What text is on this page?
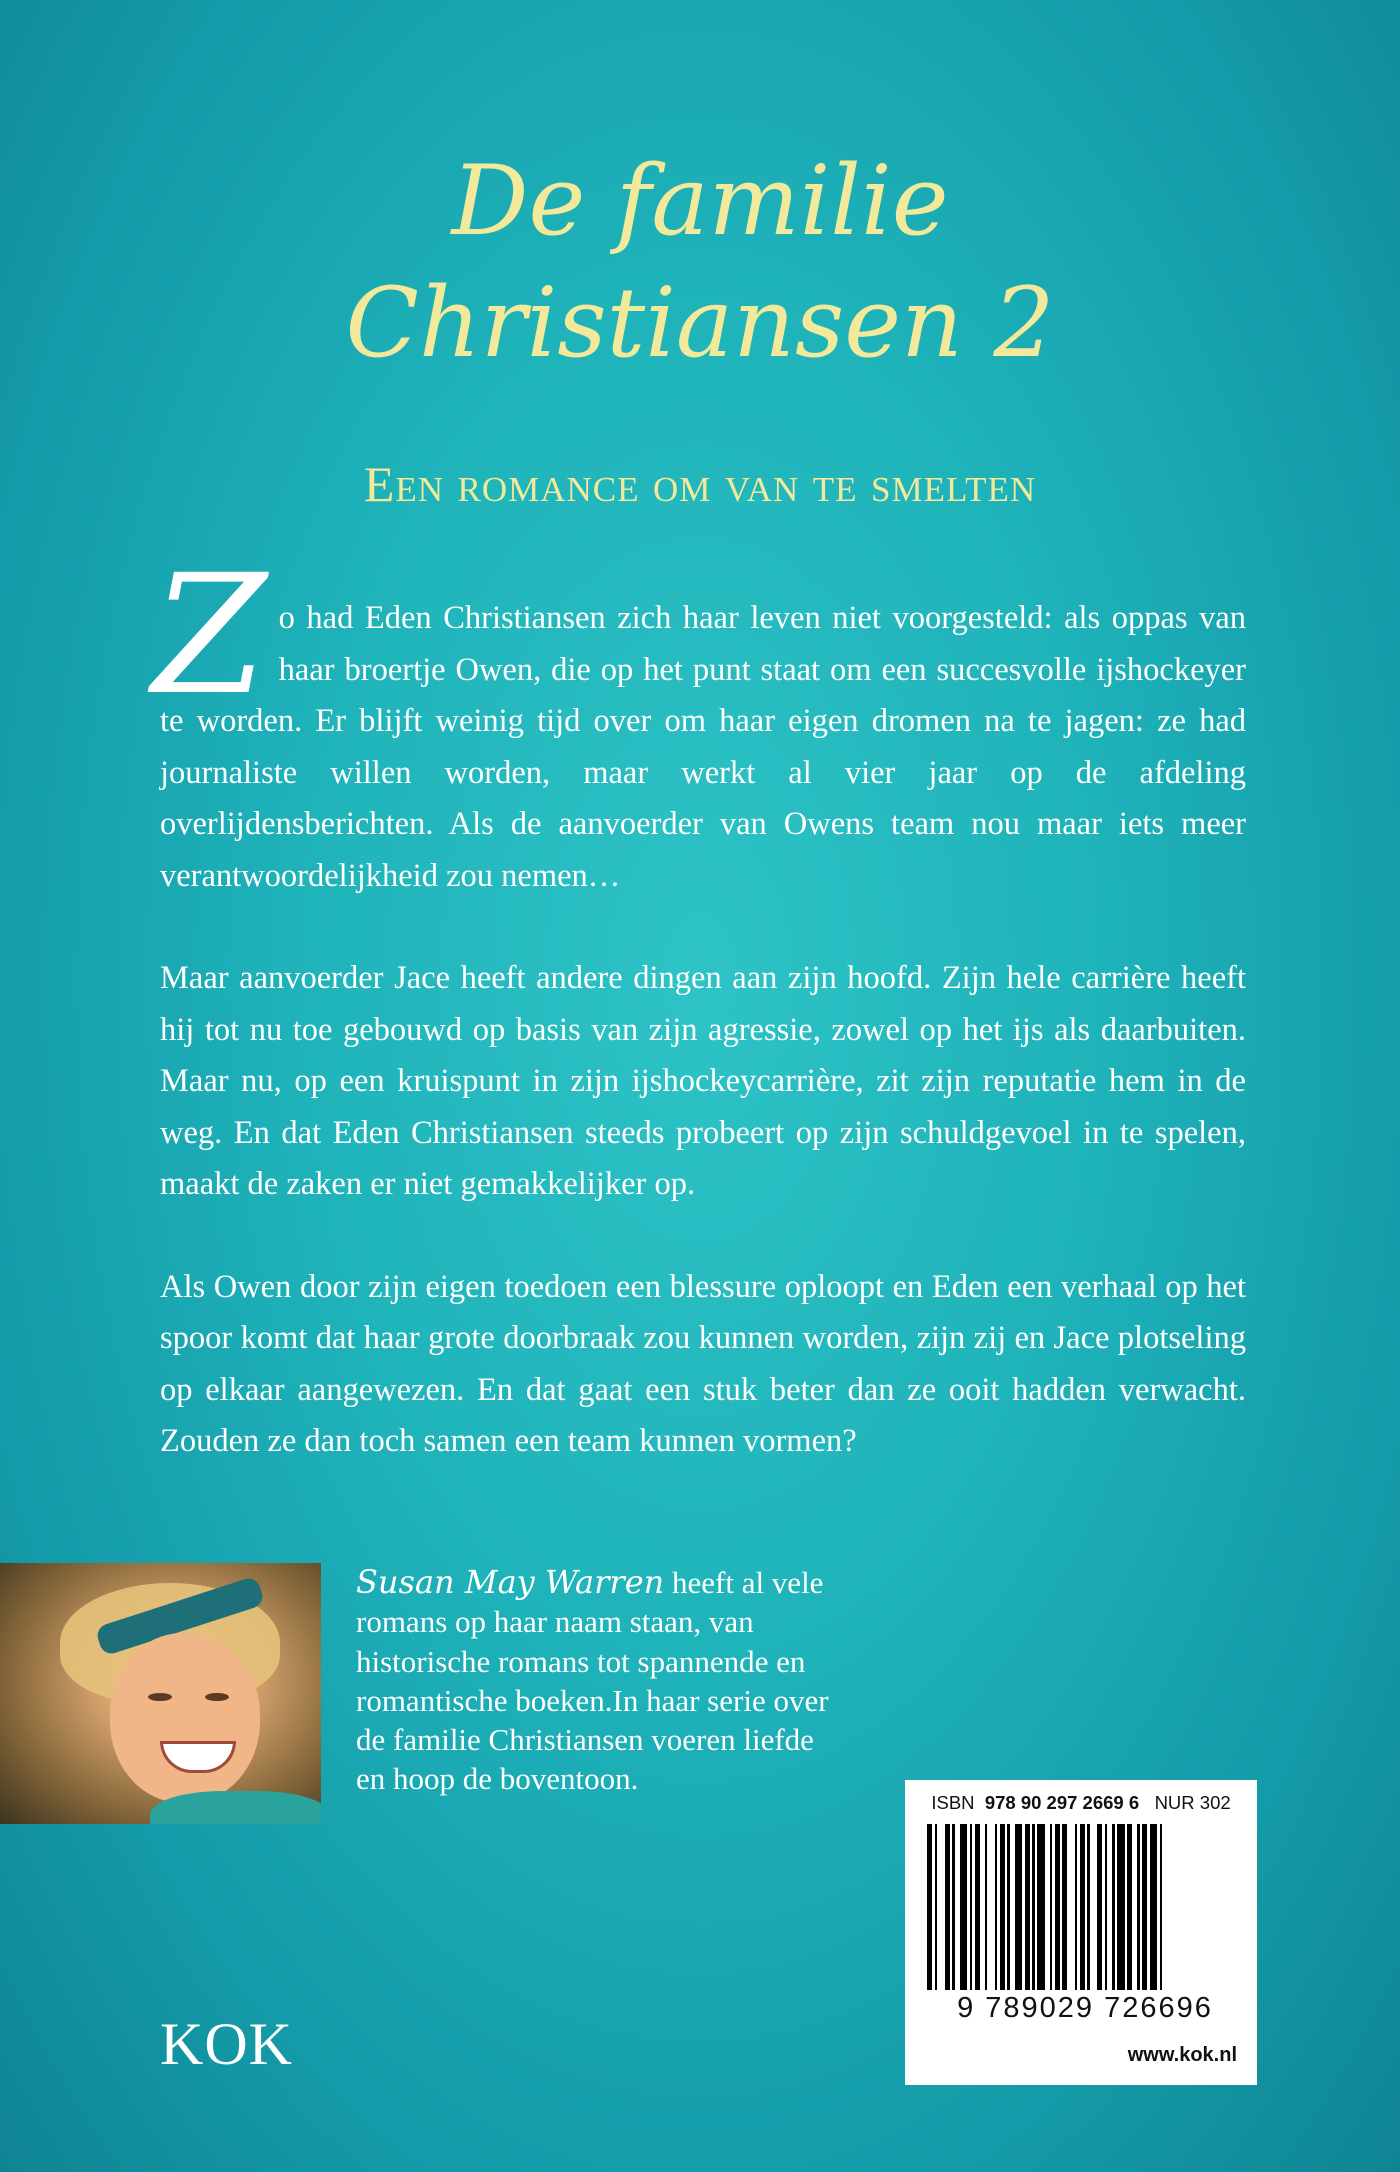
De familie
Christiansen 2
Een romance om van te smelten

Zo had Eden Christiansen zich haar leven niet voorgesteld: als oppas van haar broertje Owen, die op het punt staat om een succesvolle ijshockeyer te worden. Er blijft weinig tijd over om haar eigen dromen na te jagen: ze had journaliste willen worden, maar werkt al vier jaar op de afdeling overlijdensberichten. Als de aanvoerder van Owens team nou maar iets meer verantwoordelijkheid zou nemen…

Maar aanvoerder Jace heeft andere dingen aan zijn hoofd. Zijn hele carrière heeft hij tot nu toe gebouwd op basis van zijn agressie, zowel op het ijs als daarbuiten. Maar nu, op een kruispunt in zijn ijshockeycarrière, zit zijn reputatie hem in de weg. En dat Eden Christiansen steeds probeert op zijn schuldgevoel in te spelen, maakt de zaken er niet gemakkelijker op.

Als Owen door zijn eigen toedoen een blessure oploopt en Eden een verhaal op het spoor komt dat haar grote doorbraak zou kunnen worden, zijn zij en Jace plotseling op elkaar aangewezen. En dat gaat een stuk beter dan ze ooit hadden verwacht. Zouden ze dan toch samen een team kunnen vormen?

Susan May Warren heeft al vele romans op haar naam staan, van historische romans tot spannende en romantische boeken.In haar serie over de familie Christiansen voeren liefde en hoop de boventoon.
ISBN 978 90 297 2669 6 NUR 302
9 789029 726696
www.kok.nl
KOK
